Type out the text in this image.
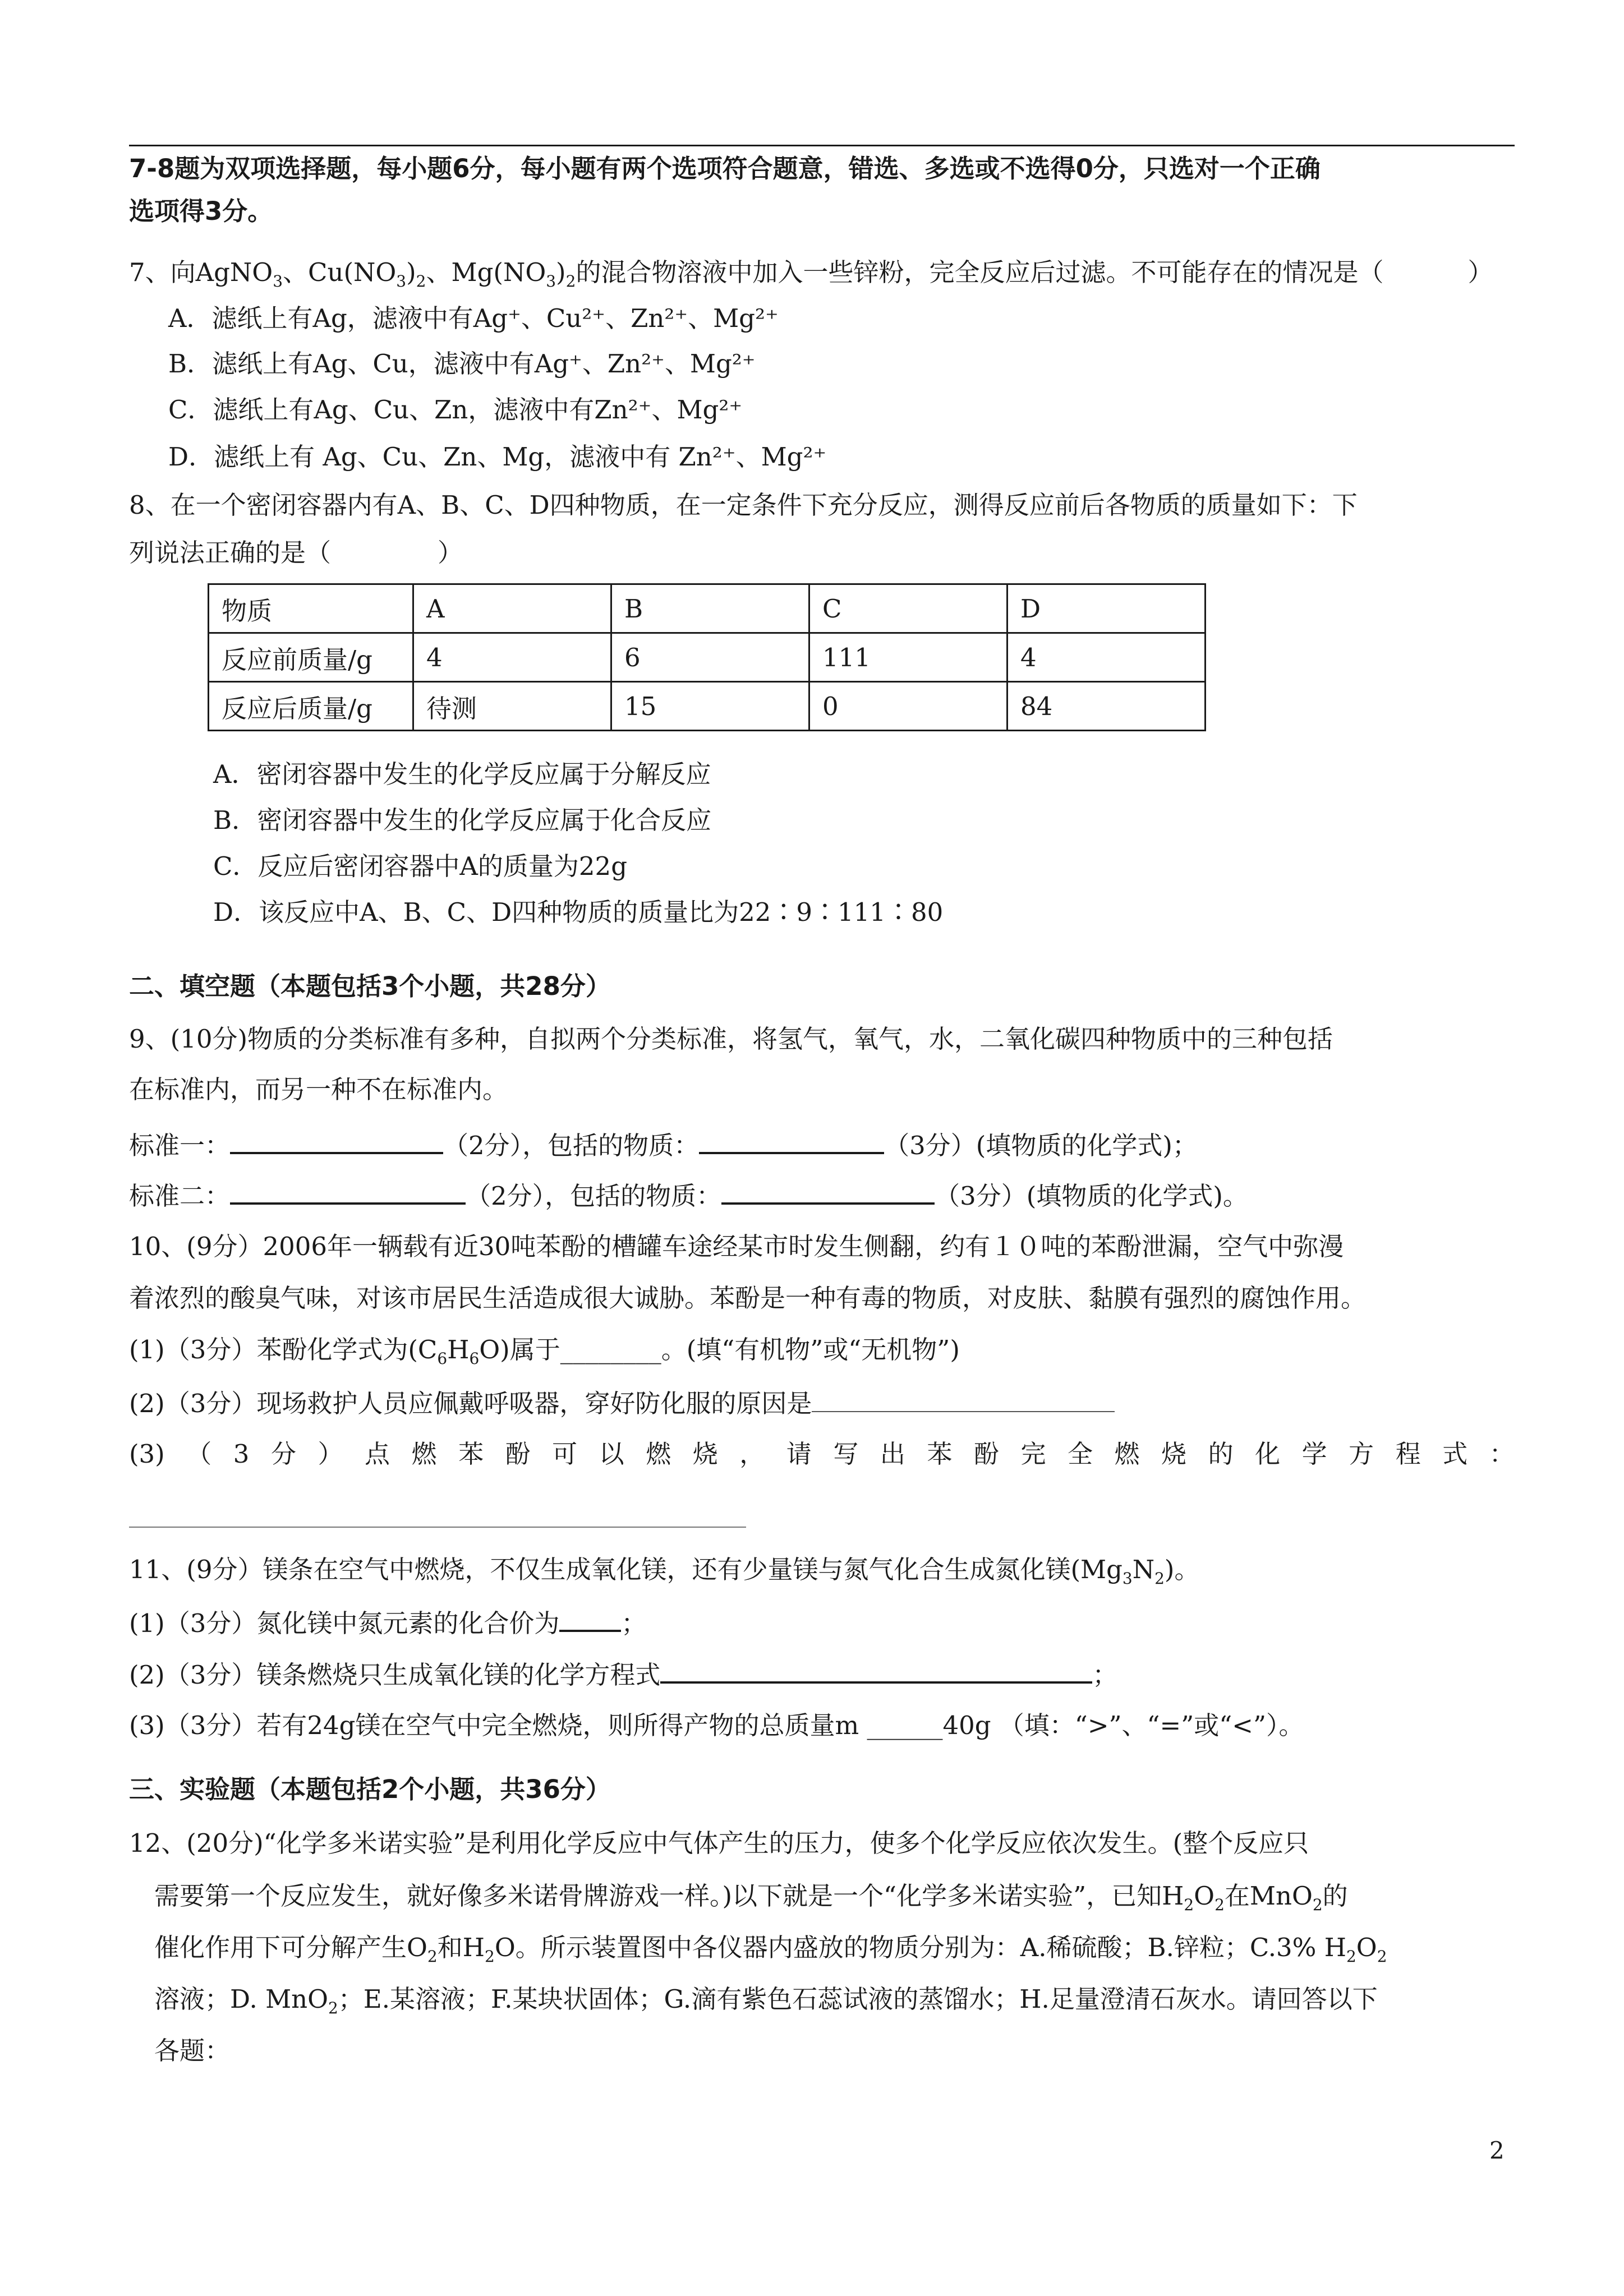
7-8题为双项选择题，每小题6分，每小题有两个选项符合题意，错选、多选或不选得0分，只选对一个正确
选项得3分。
7、向AgNO$_3$、$Cu(NO_3)_2$、$Mg(NO_3)_2$的混合物溶液中加入一些锌粉，完全反应后过滤。不可能存在的情况是（	）
A．滤纸上有Ag，滤液中有Ag⁺、Cu²⁺、Zn²⁺、Mg²⁺
B．滤纸上有Ag、Cu，滤液中有Ag⁺、Zn²⁺、Mg²⁺
C．滤纸上有Ag、Cu、Zn，滤液中有Zn²⁺、Mg²⁺
D．滤纸上有 Ag、Cu、Zn、Mg，滤液中有 Zn²⁺、Mg²⁺
8、在一个密闭容器内有A、B、C、D四种物质，在一定条件下充分反应，测得反应前后各物质的质量如下：下
列说法正确的是（	）
物质	A	B	C	D
反应前质量/g	4	6	111	4
反应后质量/g	待测	15	0	84
A．密闭容器中发生的化学反应属于分解反应
B．密闭容器中发生的化学反应属于化合反应
C．反应后密闭容器中A的质量为22g
D．该反应中A、B、C、D四种物质的质量比为22∶9∶111∶80
二、填空题（本题包括3个小题，共28分）
9、(10分)物质的分类标准有多种，自拟两个分类标准，将氢气，氧气，水，二氧化碳四种物质中的三种包括
在标准内，而另一种不在标准内。
标准一：	（2分），包括的物质：	（3分）(填物质的化学式)；
标准二：	（2分），包括的物质：	（3分）(填物质的化学式)。
10、(9分）2006年一辆载有近30吨苯酚的槽罐车途经某市时发生侧翻，约有１０吨的苯酚泄漏，空气中弥漫
着浓烈的酸臭气味，对该市居民生活造成很大诚胁。苯酚是一种有毒的物质，对皮肤、黏膜有强烈的腐蚀作用。
(1)（3分）苯酚化学式为$(C_6H_6O)$属于________。(填“有机物”或“无机物”)
(2)（3分）现场救护人员应佩戴呼吸器，穿好防化服的原因是
(3) （ 3 分 ） 点 燃 苯 酚 可 以 燃 烧 ， 请 写 出 苯 酚 完 全 燃 烧 的 化 学 方 程 式 ：
11、(9分）镁条在空气中燃烧，不仅生成氧化镁，还有少量镁与氮气化合生成氮化镁$(Mg_3N_2)$。
(1)（3分）氮化镁中氮元素的化合价为 ；
(2)（3分）镁条燃烧只生成氧化镁的化学方程式	；
(3)（3分）若有24g镁在空气中完全燃烧，则所得产物的总质量m ______40g （填：“>”、“=”或“<”）。
三、实验题（本题包括2个小题，共36分）
12、(20分)“化学多米诺实验”是利用化学反应中气体产生的压力，使多个化学反应依次发生。(整个反应只
需要第一个反应发生，就好像多米诺骨牌游戏一样。)以下就是一个“化学多米诺实验”，已知$H_2O_2$在MnO$_2$的
催化作用下可分解产生$O_2$和$H_2O$。所示装置图中各仪器内盛放的物质分别为：A.稀硫酸；B.锌粒；C.3% $H_2O_2$
溶液；D. MnO$_2$；E.某溶液；F.某块状固体；G.滴有紫色石蕊试液的蒸馏水；H.足量澄清石灰水。请回答以下
各题：
2
